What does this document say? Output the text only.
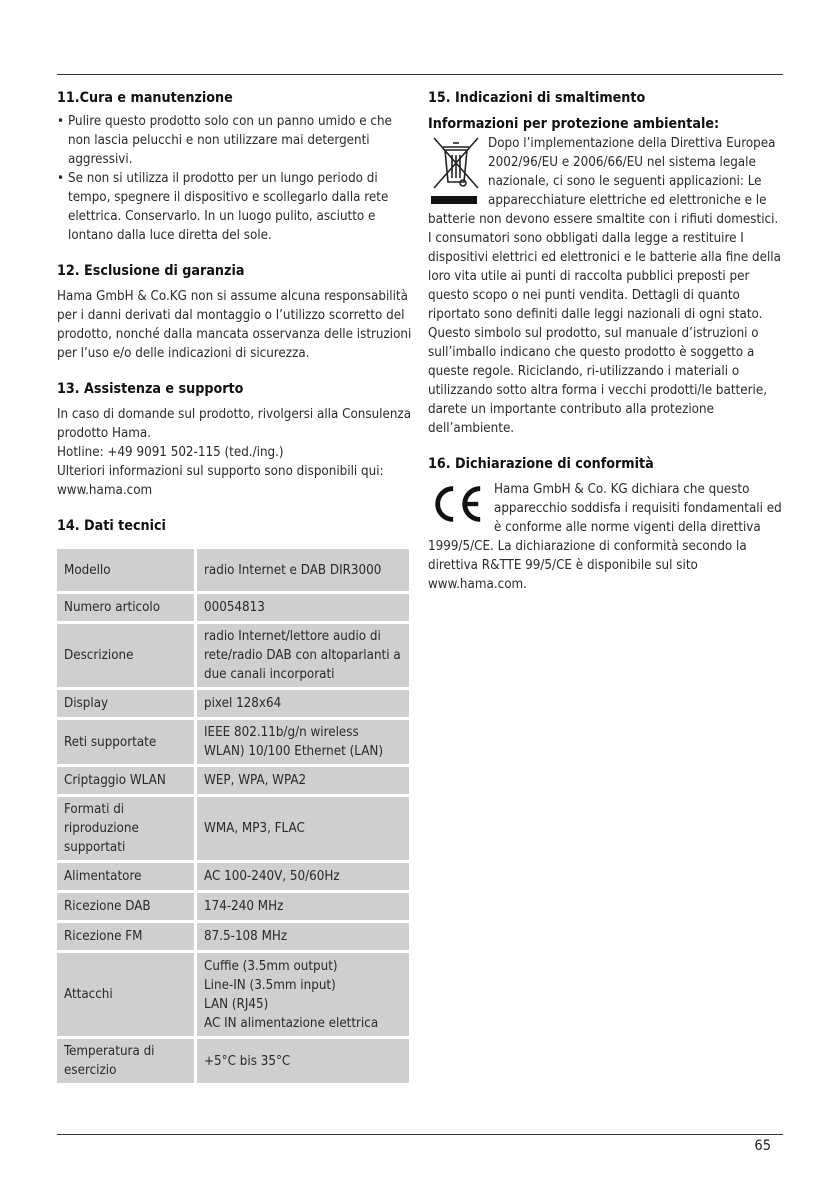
11.Cura e manutenzione
• Pulire questo prodotto solo con un panno umido e che non lascia pelucchi e non utilizzare mai detergenti aggressivi.
• Se non si utilizza il prodotto per un lungo periodo di tempo, spegnere il dispositivo e scollegarlo dalla rete elettrica. Conservarlo. In un luogo pulito, asciutto e lontano dalla luce diretta del sole.
12. Esclusione di garanzia

Hama GmbH & Co.KG non si assume alcuna responsabilità per i danni derivati dal montaggio o l’utilizzo scorretto del prodotto, nonché dalla mancata osservanza delle istruzioni per l’uso e/o delle indicazioni di sicurezza.

13. Assistenza e supporto

In caso di domande sul prodotto, rivolgersi alla Consulenza prodotto Hama.

Hotline: +49 9091 502-115 (ted./ing.)

Ulteriori informazioni sul supporto sono disponibili qui: www.hama.com

14. Dati tecnici
Modello	radio Internet e DAB DIR3000
Numero articolo	00054813
Descrizione	radio Internet/lettore audio di rete/radio DAB con altoparlanti a due canali incorporati
Display	pixel 128x64
Reti supportate	IEEE 802.11b/g/n wireless WLAN) 10/100 Ethernet (LAN)
Criptaggio WLAN	WEP, WPA, WPA2
Formati di riproduzione supportati	WMA, MP3, FLAC
Alimentatore	AC 100-240V, 50/60Hz
Ricezione DAB	174-240 MHz
Ricezione FM	87.5-108 MHz
Attacchi	Cuffie (3.5mm output)
Line-IN (3.5mm input)
LAN (RJ45)
AC IN alimentazione elettrica
Temperatura di esercizio	+5°C bis 35°C
15. Indicazioni di smaltimento
Informazioni per protezione ambientale:

Dopo l’implementazione della Direttiva Europea 2002/96/EU e 2006/66/EU nel sistema legale nazionale, ci sono le seguenti applicazioni: Le apparecchiature elettriche ed elettroniche e le batterie non devono essere smaltite con i rifiuti domestici. I consumatori sono obbligati dalla legge a restituire I dispositivi elettrici ed elettronici e le batterie alla fine della loro vita utile ai punti di raccolta pubblici preposti per questo scopo o nei punti vendita. Dettagli di quanto riportato sono definiti dalle leggi nazionali di ogni stato. Questo simbolo sul prodotto, sul manuale d’istruzioni o sull’imballo indicano che questo prodotto è soggetto a queste regole. Riciclando, ri-utilizzando i materiali o utilizzando sotto altra forma i vecchi prodotti/le batterie, darete un importante contributo alla protezione dell’ambiente.

16. Dichiarazione di conformità

Hama GmbH & Co. KG dichiara che questo apparecchio soddisfa i requisiti fondamentali ed è conforme alle norme vigenti della direttiva 1999/5/CE. La dichiarazione di conformità secondo la direttiva R&TTE 99/5/CE è disponibile sul sito www.hama.com.

65
